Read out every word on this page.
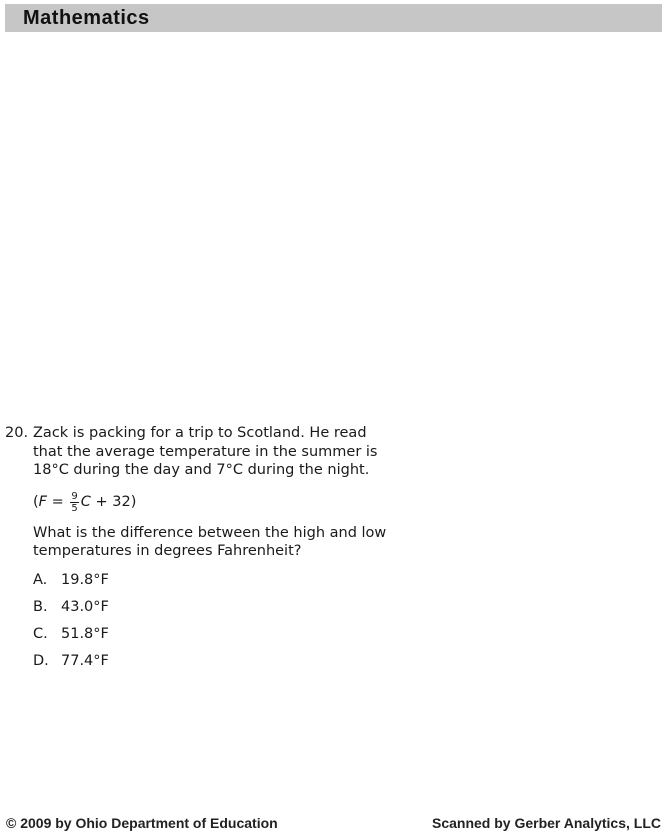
Mathematics
20. Zack is packing for a trip to Scotland. He read
that the average temperature in the summer is
18°C during the day and 7°C during the night.
( $F = \frac{9}{5}$ C + 32)
What is the difference between the high and low
temperatures in degrees Fahrenheit?
A. 19.8°F
B. 43.0°F
C. 51.8°F
D. 77.4°F
© 2009 by Ohio Department of Education	Scanned by Gerber Analytics, LLC
